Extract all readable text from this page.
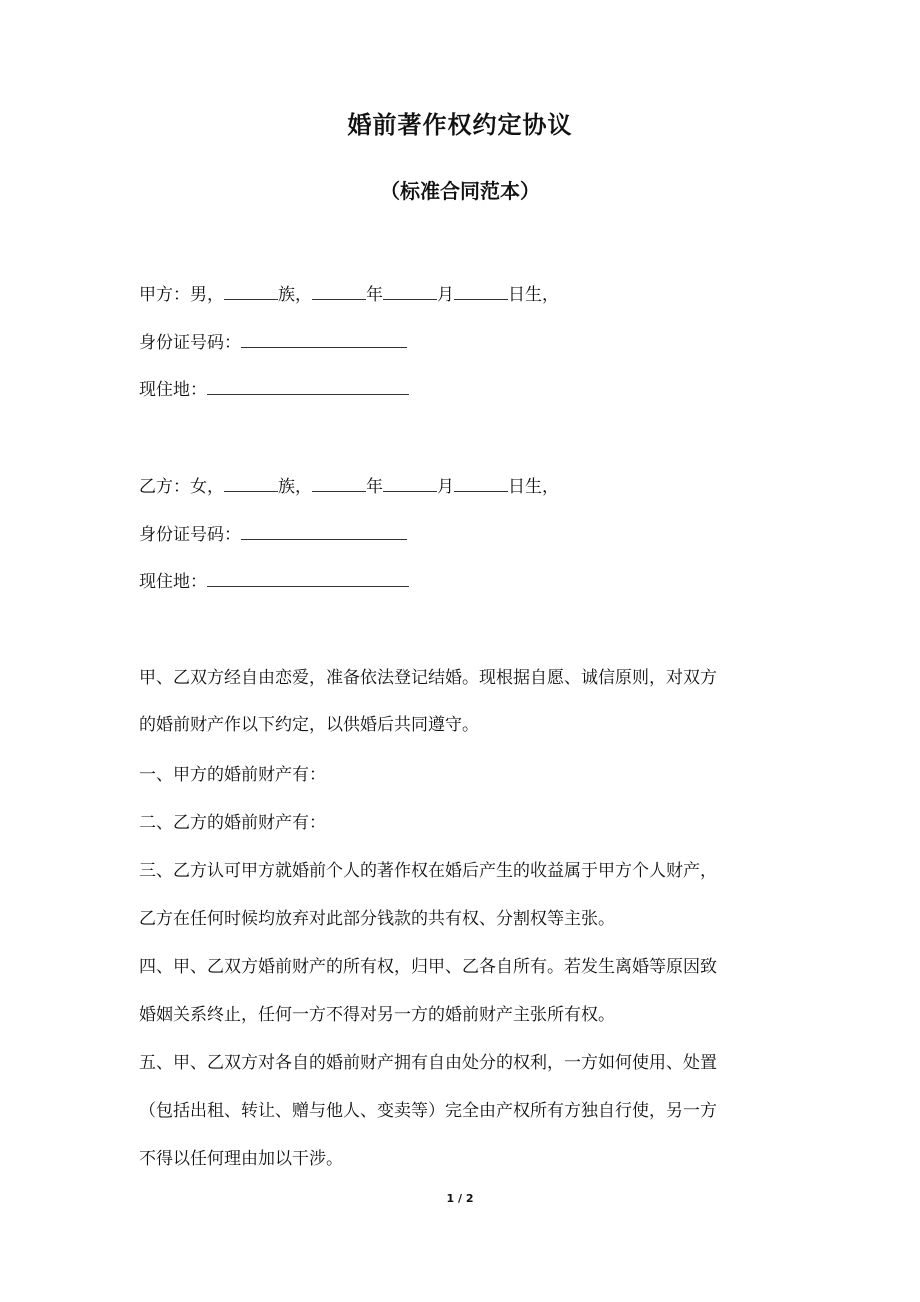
婚前著作权约定协议
（标准合同范本）
甲方：男，	族，	年	月	日生，
身份证号码：
现住地：
乙方：女，	族，	年	月	日生，
身份证号码：
现住地：
甲、乙双方经自由恋爱，准备依法登记结婚。现根据自愿、诚信原则，对双方
的婚前财产作以下约定，以供婚后共同遵守。
一、甲方的婚前财产有：
二、乙方的婚前财产有：
三、乙方认可甲方就婚前个人的著作权在婚后产生的收益属于甲方个人财产，
乙方在任何时候均放弃对此部分钱款的共有权、分割权等主张。
四、甲、乙双方婚前财产的所有权，归甲、乙各自所有。若发生离婚等原因致
婚姻关系终止，任何一方不得对另一方的婚前财产主张所有权。
五、甲、乙双方对各自的婚前财产拥有自由处分的权利，一方如何使用、处置
（包括出租、转让、赠与他人、变卖等）完全由产权所有方独自行使，另一方
不得以任何理由加以干涉。
1 / 2
